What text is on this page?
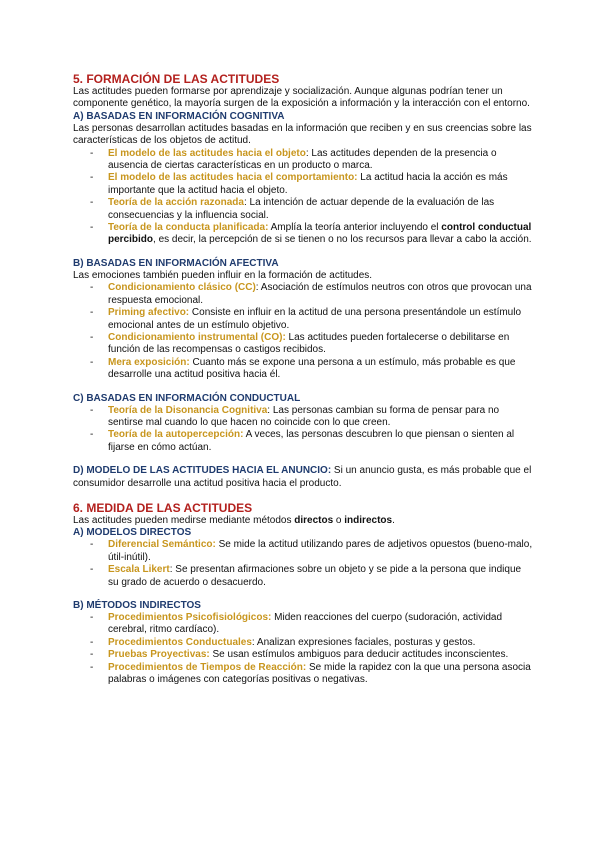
5. FORMACIÓN DE LAS ACTITUDES

Las actitudes pueden formarse por aprendizaje y socialización. Aunque algunas podrían tener un componente genético, la mayoría surgen de la exposición a información y la interacción con el entorno.

A) BASADAS EN INFORMACIÓN COGNITIVA

Las personas desarrollan actitudes basadas en la información que reciben y en sus creencias sobre las características de los objetos de actitud.

- El modelo de las actitudes hacia el objeto: Las actitudes dependen de la presencia o ausencia de ciertas características en un producto o marca.
- El modelo de las actitudes hacia el comportamiento: La actitud hacia la acción es más importante que la actitud hacia el objeto.
- Teoría de la acción razonada: La intención de actuar depende de la evaluación de las consecuencias y la influencia social.
- Teoría de la conducta planificada: Amplía la teoría anterior incluyendo el control conductual percibido, es decir, la percepción de si se tienen o no los recursos para llevar a cabo la acción.
B) BASADAS EN INFORMACIÓN AFECTIVA

Las emociones también pueden influir en la formación de actitudes.

- Condicionamiento clásico (CC): Asociación de estímulos neutros con otros que provocan una respuesta emocional.
- Priming afectivo: Consiste en influir en la actitud de una persona presentándole un estímulo emocional antes de un estímulo objetivo.
- Condicionamiento instrumental (CO): Las actitudes pueden fortalecerse o debilitarse en función de las recompensas o castigos recibidos.
- Mera exposición: Cuanto más se expone una persona a un estímulo, más probable es que desarrolle una actitud positiva hacia él.
C) BASADAS EN INFORMACIÓN CONDUCTUAL
- Teoría de la Disonancia Cognitiva: Las personas cambian su forma de pensar para no sentirse mal cuando lo que hacen no coincide con lo que creen.
- Teoría de la autopercepción: A veces, las personas descubren lo que piensan o sienten al fijarse en cómo actúan.

D) MODELO DE LAS ACTITUDES HACIA EL ANUNCIO: Si un anuncio gusta, es más probable que el consumidor desarrolle una actitud positiva hacia el producto.

6. MEDIDA DE LAS ACTITUDES

Las actitudes pueden medirse mediante métodos directos o indirectos.

A) MODELOS DIRECTOS
- Diferencial Semántico: Se mide la actitud utilizando pares de adjetivos opuestos (bueno-malo, útil-inútil).
- Escala Likert: Se presentan afirmaciones sobre un objeto y se pide a la persona que indique su grado de acuerdo o desacuerdo.
B) MÉTODOS INDIRECTOS
- Procedimientos Psicofisiológicos: Miden reacciones del cuerpo (sudoración, actividad cerebral, ritmo cardíaco).
- Procedimientos Conductuales: Analizan expresiones faciales, posturas y gestos.
- Pruebas Proyectivas: Se usan estímulos ambiguos para deducir actitudes inconscientes.
- Procedimientos de Tiempos de Reacción: Se mide la rapidez con la que una persona asocia palabras o imágenes con categorías positivas o negativas.
